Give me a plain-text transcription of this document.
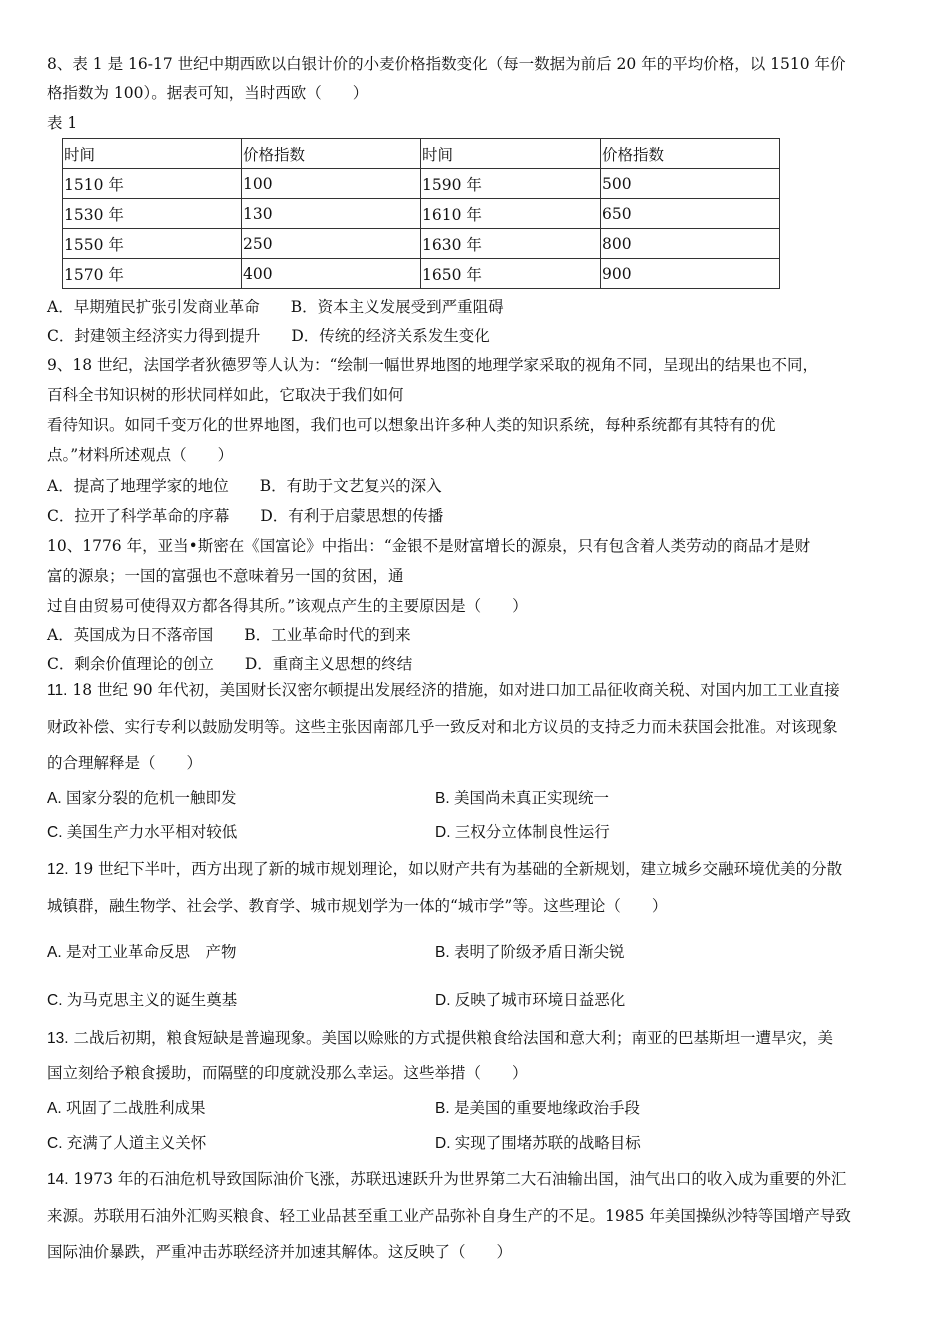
8、表 1 是 16-17 世纪中期西欧以白银计价的小麦价格指数变化（每一数据为前后 20 年的平均价格，以 1510 年价
格指数为 100）。据表可知，当时西欧（　　）
表 1
时间	价格指数	时间	价格指数
1510 年	100	1590 年	500
1530 年	130	1610 年	650
1550 年	250	1630 年	800
1570 年	400	1650 年	900
A．早期殖民扩张引发商业革命　　B．资本主义发展受到严重阻碍
C．封建领主经济实力得到提升　　D．传统的经济关系发生变化
9、18 世纪，法国学者狄德罗等人认为：“绘制一幅世界地图的地理学家采取的视角不同，呈现出的结果也不同，
百科全书知识树的形状同样如此，它取决于我们如何
看待知识。如同千变万化的世界地图，我们也可以想象出许多种人类的知识系统，每种系统都有其特有的优
点。”材料所述观点（　　）
A．提高了地理学家的地位　　B．有助于文艺复兴的深入
C．拉开了科学革命的序幕　　D．有利于启蒙思想的传播
10、1776 年，亚当•斯密在《国富论》中指出：“金银不是财富增长的源泉，只有包含着人类劳动的商品才是财
富的源泉；一国的富强也不意味着另一国的贫困，通
过自由贸易可使得双方都各得其所。”该观点产生的主要原因是（　　）
A．英国成为日不落帝国　　B．工业革命时代的到来
C．剩余价值理论的创立　　D．重商主义思想的终结
11. 18 世纪 90 年代初，美国财长汉密尔顿提出发展经济的措施，如对进口加工品征收商关税、对国内加工工业直接
财政补偿、实行专利以鼓励发明等。这些主张因南部几乎一致反对和北方议员的支持乏力而未获国会批准。对该现象
的合理解释是（　　）
A. 国家分裂的危机一触即发	B. 美国尚未真正实现统一
C. 美国生产力水平相对较低	D. 三权分立体制良性运行
12. 19 世纪下半叶，西方出现了新的城市规划理论，如以财产共有为基础的全新规划，建立城乡交融环境优美的分散
城镇群，融生物学、社会学、教育学、城市规划学为一体的“城市学”等。这些理论（　　）
A. 是对工业革命反思　产物	B. 表明了阶级矛盾日渐尖锐
C. 为马克思主义的诞生奠基	D. 反映了城市环境日益恶化
13. 二战后初期，粮食短缺是普遍现象。美国以赊账的方式提供粮食给法国和意大利；南亚的巴基斯坦一遭旱灾，美
国立刻给予粮食援助，而隔壁的印度就没那么幸运。这些举措（　　）
A. 巩固了二战胜利成果	B. 是美国的重要地缘政治手段
C. 充满了人道主义关怀	D. 实现了围堵苏联的战略目标
14. 1973 年的石油危机导致国际油价飞涨，苏联迅速跃升为世界第二大石油输出国，油气出口的收入成为重要的外汇
来源。苏联用石油外汇购买粮食、轻工业品甚至重工业产品弥补自身生产的不足。1985 年美国操纵沙特等国增产导致
国际油价暴跌，严重冲击苏联经济并加速其解体。这反映了（　　）
